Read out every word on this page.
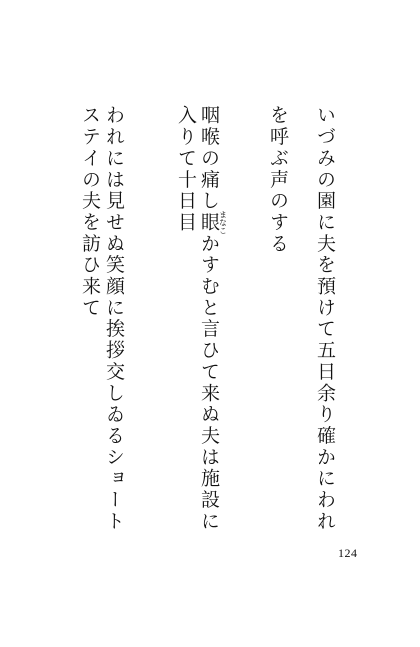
いづみの園に夫を預けて五日余り確かにわれ
を呼ぶ声のする
咽喉の痛し眼まなこかすむと言ひて来ぬ夫は施設に
入りて十日目
われには見せぬ笑顔に挨拶交しゐるショート
ステイの夫を訪ひ来て
124
